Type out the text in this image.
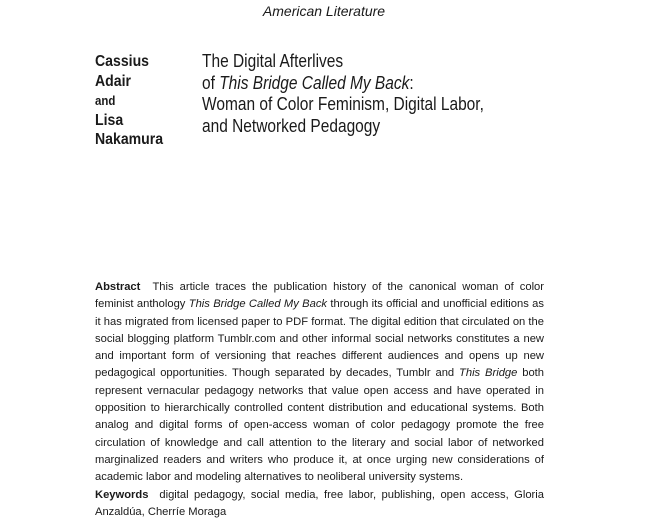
American Literature
Cassius
Adair
and
Lisa
Nakamura
The Digital Afterlives
of This Bridge Called My Back:
Woman of Color Feminism, Digital Labor,
and Networked Pedagogy

Abstract This article traces the publication history of the canonical woman of color feminist anthology This Bridge Called My Back through its official and unofficial editions as it has migrated from licensed paper to PDF format. The digital edition that circulated on the social blogging platform Tumblr.com and other informal social networks constitutes a new and important form of versioning that reaches different audiences and opens up new pedagogical opportunities. Though separated by decades, Tumblr and This Bridge both represent vernacular pedagogy networks that value open access and have operated in opposition to hierarchically controlled content distribution and educational systems. Both analog and digital forms of open-access woman of color pedagogy promote the free circulation of knowledge and call attention to the literary and social labor of networked marginalized readers and writers who produce it, at once urging new considerations of academic labor and modeling alternatives to neoliberal university systems.

Keywords digital pedagogy, social media, free labor, publishing, open access, Gloria Anzaldúa, Cherríe Moraga
